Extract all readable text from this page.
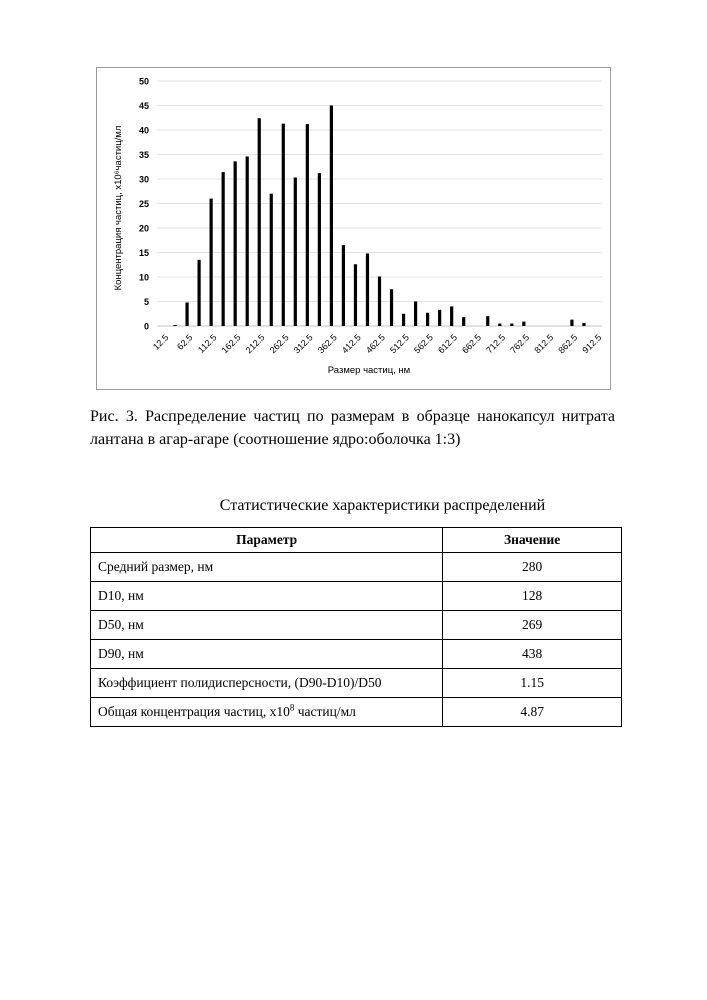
0
5
10
15
20
25
30
35
40
45
50
12.5 62.5 112.5 162.5 212.5 262.5 312.5 362.5 412.5 462.5 512.5 562.5 612.5 662.5 712.5 762.5 812.5 862.5 912.5
Концентрация частиц, x10⁶частиц/мл
Размер частиц, нм
Рис. 3. Распределение частиц по размерам в образце нанокапсул нитрата
лантана в агар-агаре (соотношение ядро:оболочка 1:3)
Статистические характеристики распределений
Параметр	Значение
Средний размер, нм	280
D10, нм	128
D50, нм	269
D90, нм	438
Коэффициент полидисперсности, (D90-D10)/D50	1.15
Общая концентрация частиц, x108 частиц/мл	4.87
